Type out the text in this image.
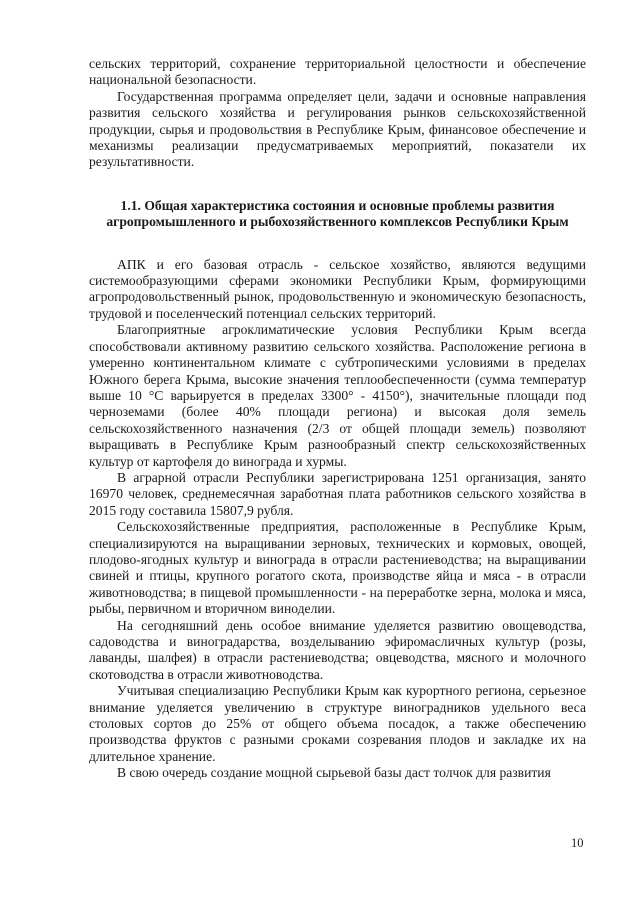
сельских территорий, сохранение территориальной целостности и обеспечение национальной безопасности.

Государственная программа определяет цели, задачи и основные направления развития сельского хозяйства и регулирования рынков сельскохозяйственной продукции, сырья и продовольствия в Республике Крым, финансовое обеспечение и механизмы реализации предусматриваемых мероприятий, показатели их результативности.

1.1. Общая характеристика состояния и основные проблемы развития агропромышленного и рыбохозяйственного комплексов Республики Крым

АПК и его базовая отрасль - сельское хозяйство, являются ведущими системообразующими сферами экономики Республики Крым, формирующими агропродовольственный рынок, продовольственную и экономическую безопасность, трудовой и поселенческий потенциал сельских территорий.

Благоприятные агроклиматические условия Республики Крым всегда способствовали активному развитию сельского хозяйства. Расположение региона в умеренно континентальном климате с субтропическими условиями в пределах Южного берега Крыма, высокие значения теплообеспеченности (сумма температур выше 10 °С варьируется в пределах 3300° - 4150°), значительные площади под черноземами (более 40% площади региона) и высокая доля земель сельскохозяйственного назначения (2/3 от общей площади земель) позволяют выращивать в Республике Крым разнообразный спектр сельскохозяйственных культур от картофеля до винограда и хурмы.

В аграрной отрасли Республики зарегистрирована 1251 организация, занято 16970 человек, среднемесячная заработная плата работников сельского хозяйства в 2015 году составила 15807,9 рубля.

Сельскохозяйственные предприятия, расположенные в Республике Крым, специализируются на выращивании зерновых, технических и кормовых, овощей, плодово-ягодных культур и винограда в отрасли растениеводства; на выращивании свиней и птицы, крупного рогатого скота, производстве яйца и мяса - в отрасли животноводства; в пищевой промышленности - на переработке зерна, молока и мяса, рыбы, первичном и вторичном виноделии.

На сегодняшний день особое внимание уделяется развитию овощеводства, садоводства и виноградарства, возделыванию эфиромасличных культур (розы, лаванды, шалфея) в отрасли растениеводства; овцеводства, мясного и молочного скотоводства в отрасли животноводства.

Учитывая специализацию Республики Крым как курортного региона, серьезное внимание уделяется увеличению в структуре виноградников удельного веса столовых сортов до 25% от общего объема посадок, а также обеспечению производства фруктов с разными сроками созревания плодов и закладке их на длительное хранение.

В свою очередь создание мощной сырьевой базы даст толчок для развития

10
